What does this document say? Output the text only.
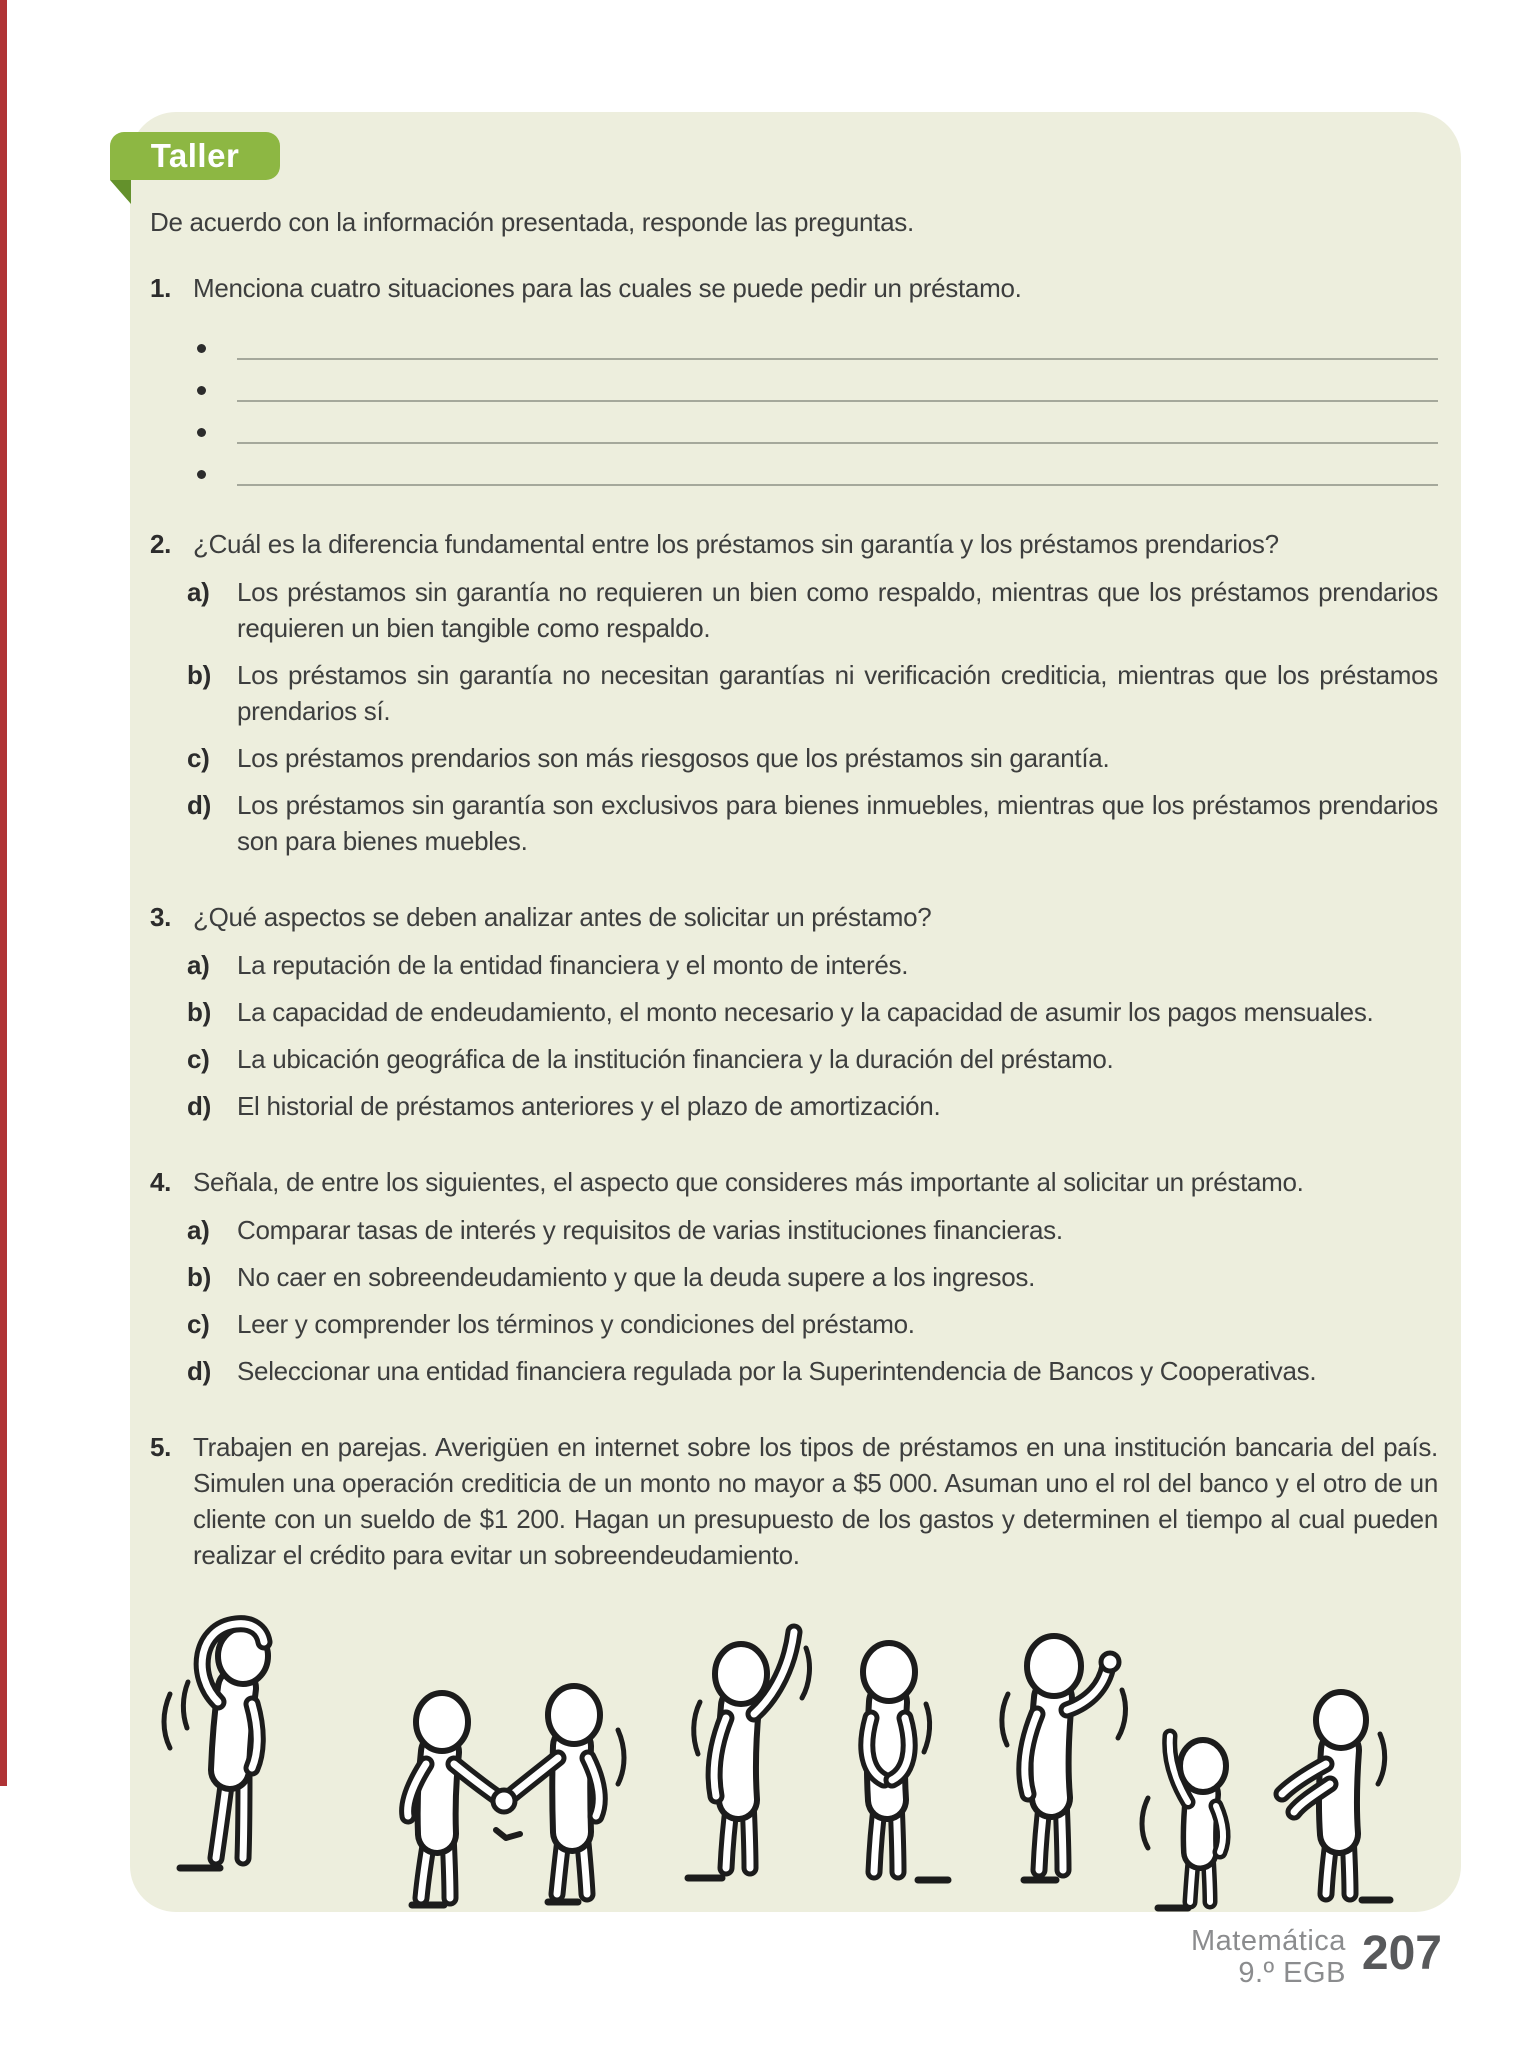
Taller

De acuerdo con la información presentada, responde las preguntas.

1. Menciona cuatro situaciones para las cuales se puede pedir un préstamo.
2. ¿Cuál es la diferencia fundamental entre los préstamos sin garantía y los préstamos prendarios?
a)	Los préstamos sin garantía no requieren un bien como respaldo, mientras que los préstamos prendarios requieren un bien tangible como respaldo.
b)	Los préstamos sin garantía no necesitan garantías ni verificación crediticia, mientras que los préstamos prendarios sí.
c)	Los préstamos prendarios son más riesgosos que los préstamos sin garantía.
d)	Los préstamos sin garantía son exclusivos para bienes inmuebles, mientras que los préstamos prendarios son para bienes muebles.
3. ¿Qué aspectos se deben analizar antes de solicitar un préstamo?
a)	La reputación de la entidad financiera y el monto de interés.
b)	La capacidad de endeudamiento, el monto necesario y la capacidad de asumir los pagos mensuales.
c)	La ubicación geográfica de la institución financiera y la duración del préstamo.
d)	El historial de préstamos anteriores y el plazo de amortización.
4. Señala, de entre los siguientes, el aspecto que consideres más importante al solicitar un préstamo.
a)	Comparar tasas de interés y requisitos de varias instituciones financieras.
b)	No caer en sobreendeudamiento y que la deuda supere a los ingresos.
c)	Leer y comprender los términos y condiciones del préstamo.
d)	Seleccionar una entidad financiera regulada por la Superintendencia de Bancos y Cooperativas.
5. Trabajen en parejas. Averigüen en internet sobre los tipos de préstamos en una institución bancaria del país. Simulen una operación crediticia de un monto no mayor a $5 000. Asuman uno el rol del banco y el otro de un cliente con un sueldo de $1 200. Hagan un presupuesto de los gastos y determinen el tiempo al cual pueden realizar el crédito para evitar un sobreendeudamiento.
Matemática
9.º EGB 207
